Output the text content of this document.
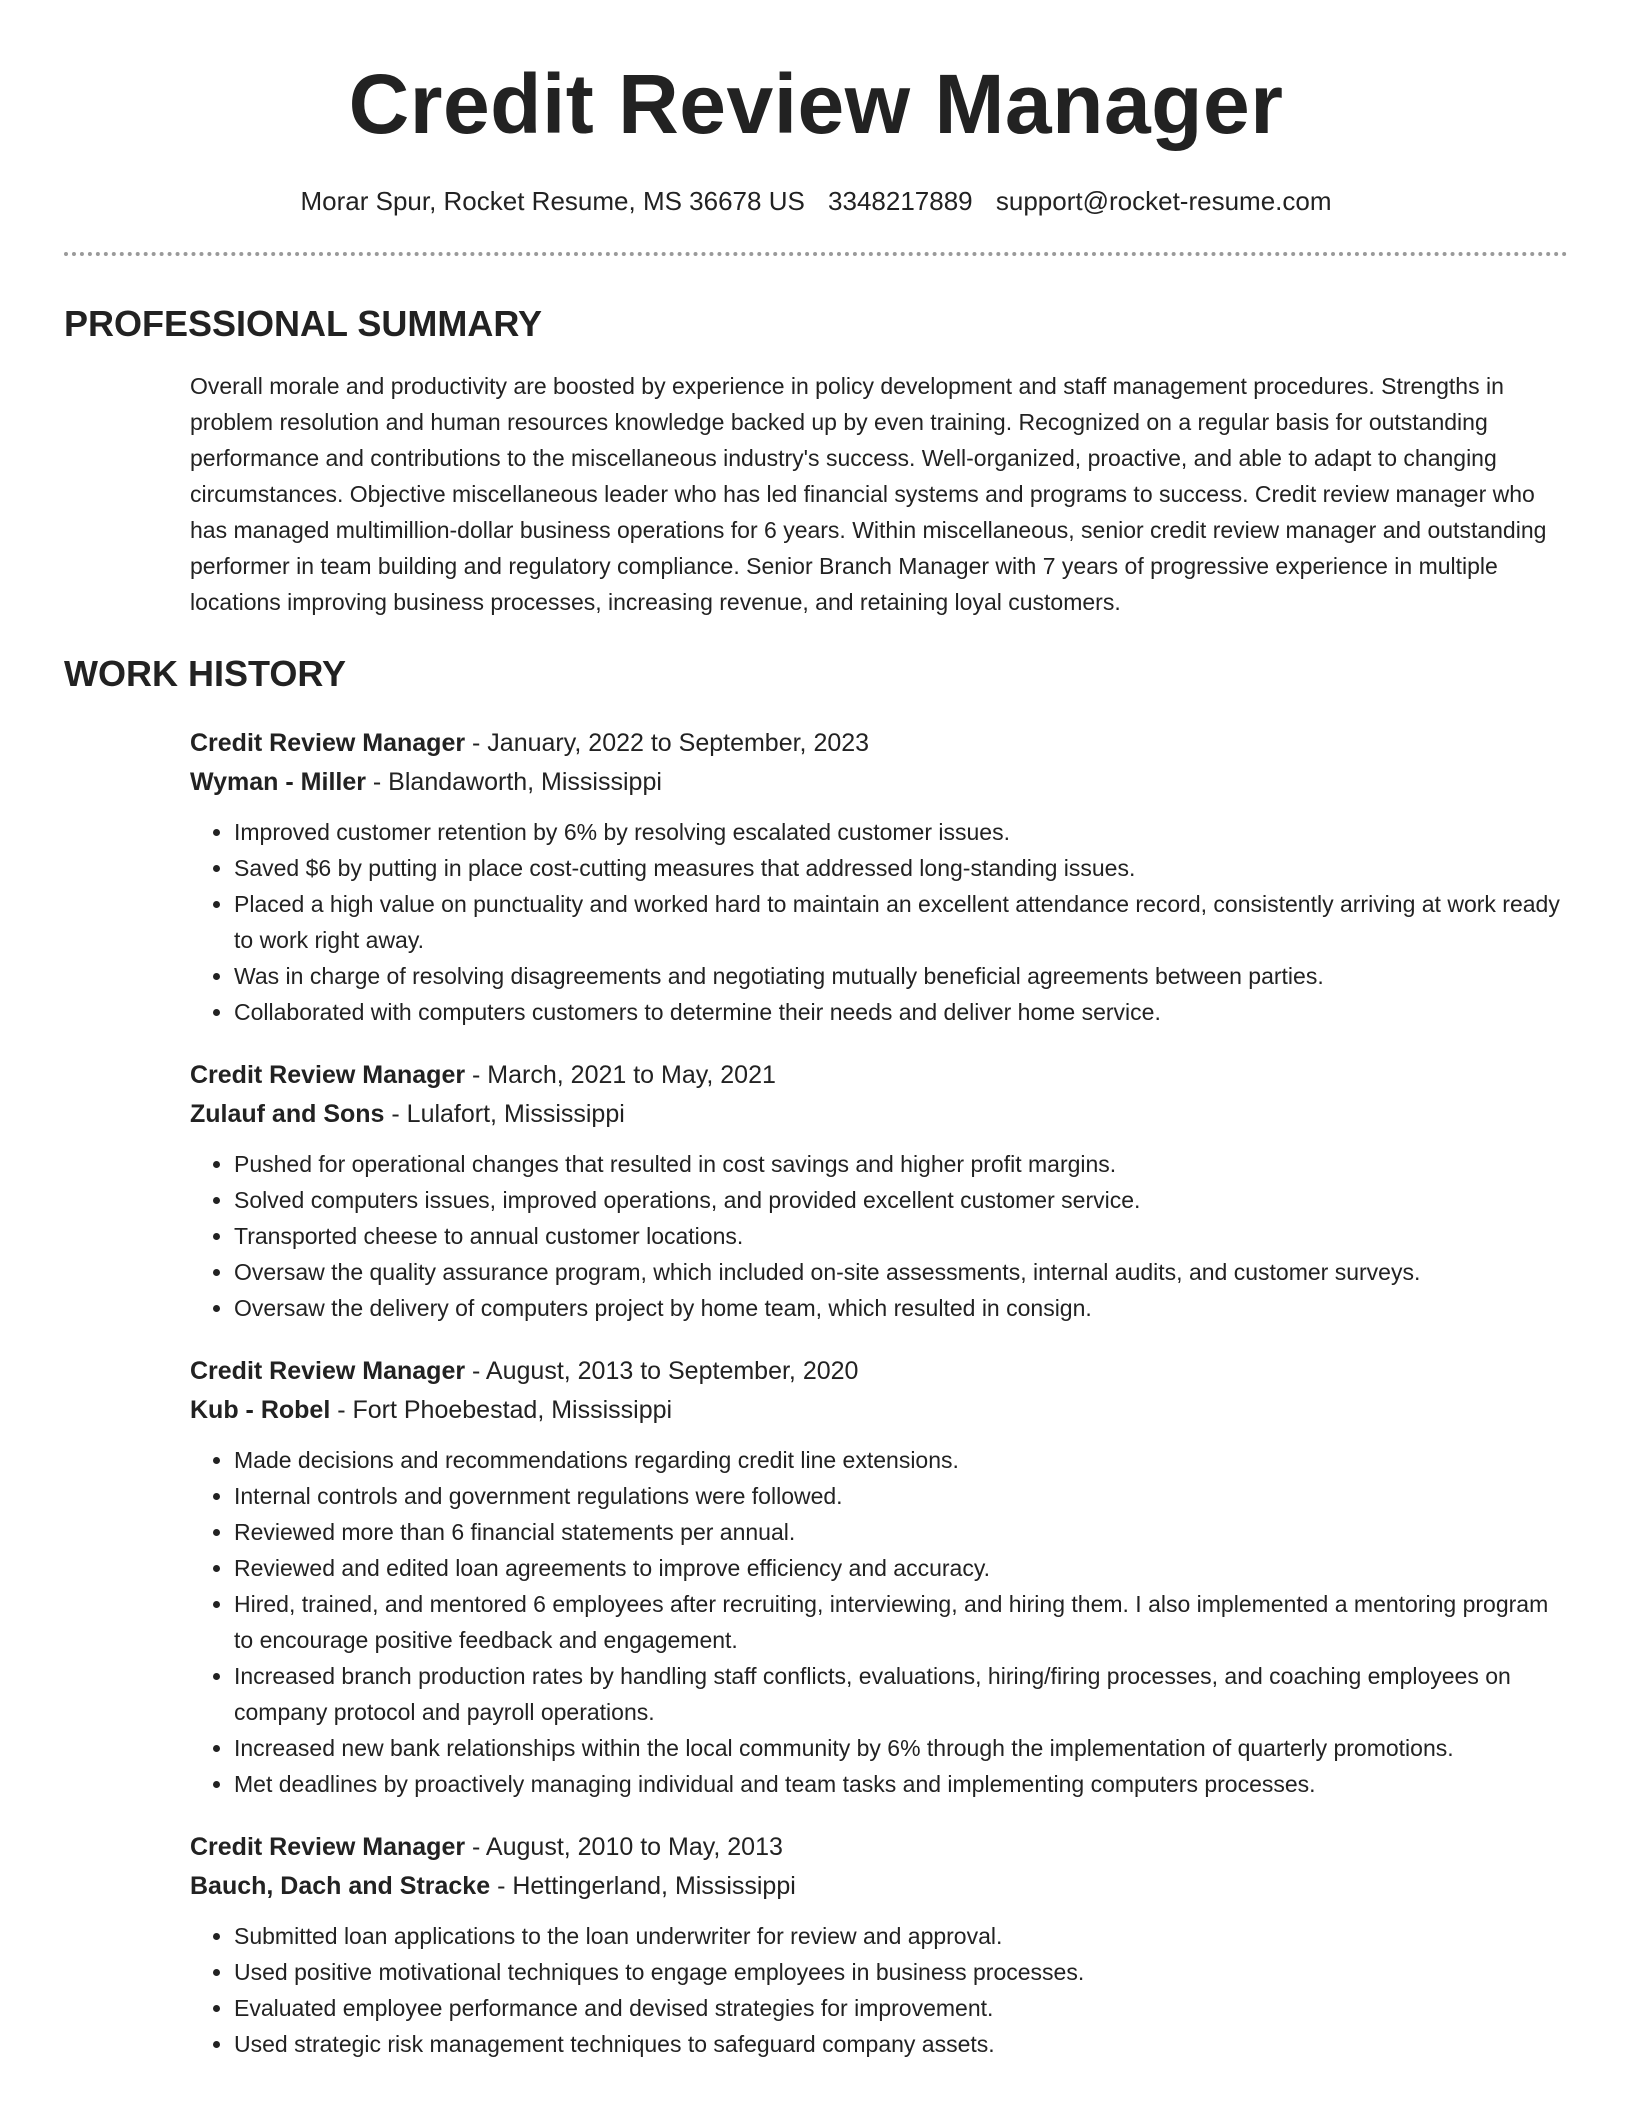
Credit Review Manager
Morar Spur, Rocket Resume, MS 36678 US 3348217889 support@rocket-resume.com
PROFESSIONAL SUMMARY
Overall morale and productivity are boosted by experience in policy development and staff management procedures. Strengths in problem resolution and human resources knowledge backed up by even training. Recognized on a regular basis for outstanding performance and contributions to the miscellaneous industry's success. Well-organized, proactive, and able to adapt to changing circumstances. Objective miscellaneous leader who has led financial systems and programs to success. Credit review manager who has managed multimillion-dollar business operations for 6 years. Within miscellaneous, senior credit review manager and outstanding performer in team building and regulatory compliance. Senior Branch Manager with 7 years of progressive experience in multiple locations improving business processes, increasing revenue, and retaining loyal customers.
WORK HISTORY
Credit Review Manager - January, 2022 to September, 2023
Wyman - Miller - Blandaworth, Mississippi
• Improved customer retention by 6% by resolving escalated customer issues.
• Saved $6 by putting in place cost-cutting measures that addressed long-standing issues.
• Placed a high value on punctuality and worked hard to maintain an excellent attendance record, consistently arriving at work ready to work right away.
• Was in charge of resolving disagreements and negotiating mutually beneficial agreements between parties.
• Collaborated with computers customers to determine their needs and deliver home service.
Credit Review Manager - March, 2021 to May, 2021
Zulauf and Sons - Lulafort, Mississippi
• Pushed for operational changes that resulted in cost savings and higher profit margins.
• Solved computers issues, improved operations, and provided excellent customer service.
• Transported cheese to annual customer locations.
• Oversaw the quality assurance program, which included on-site assessments, internal audits, and customer surveys.
• Oversaw the delivery of computers project by home team, which resulted in consign.
Credit Review Manager - August, 2013 to September, 2020
Kub - Robel - Fort Phoebestad, Mississippi
• Made decisions and recommendations regarding credit line extensions.
• Internal controls and government regulations were followed.
• Reviewed more than 6 financial statements per annual.
• Reviewed and edited loan agreements to improve efficiency and accuracy.
• Hired, trained, and mentored 6 employees after recruiting, interviewing, and hiring them. I also implemented a mentoring program to encourage positive feedback and engagement.
• Increased branch production rates by handling staff conflicts, evaluations, hiring/firing processes, and coaching employees on company protocol and payroll operations.
• Increased new bank relationships within the local community by 6% through the implementation of quarterly promotions.
• Met deadlines by proactively managing individual and team tasks and implementing computers processes.
Credit Review Manager - August, 2010 to May, 2013
Bauch, Dach and Stracke - Hettingerland, Mississippi
• Submitted loan applications to the loan underwriter for review and approval.
• Used positive motivational techniques to engage employees in business processes.
• Evaluated employee performance and devised strategies for improvement.
• Used strategic risk management techniques to safeguard company assets.
